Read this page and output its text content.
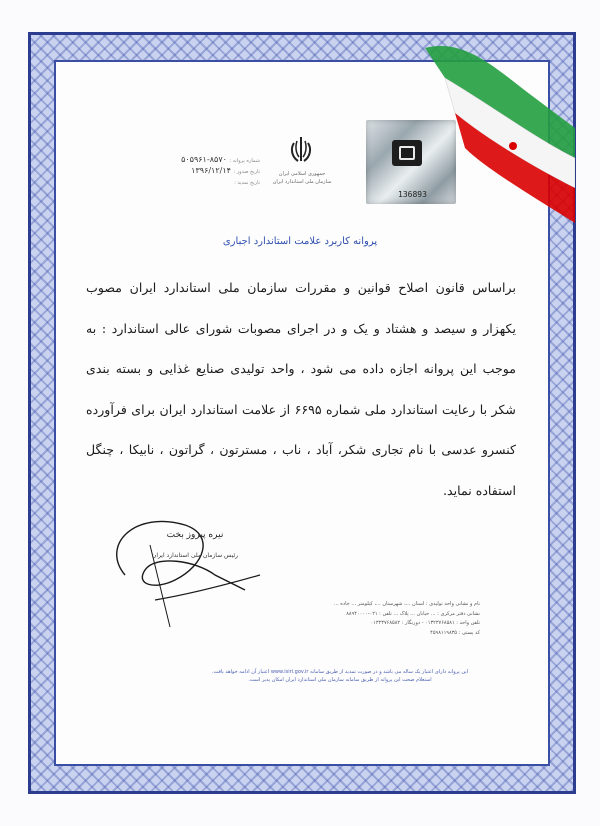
136893
جمهوری اسلامی ایران
سازمان ملی استاندارد ایران
شماره پروانه : ۸۵۷۰-۵۰۵۹۶۱
تاریخ صدور : ۱۳۹۶/۱۲/۱۴
تاریخ تمدید :
پروانه کاربرد علامت استاندارد اجباری
براساس قانون اصلاح قوانین و مقررات سازمان ملی استاندارد ایران مصوب یکهزار و سیصد و هشتاد و یک و در اجرای مصوبات شورای عالی استاندارد : به موجب این پروانه اجازه داده می شود ، واحد تولیدی صنایع غذایی و بسته بندی شکر با رعایت استاندارد ملی شماره ۶۶۹۵ از علامت استاندارد ایران برای فرآورده کنسرو عدسی با نام تجاری شکر، آباد ، ناب ، مسترتون ، گراتون ، نابیکا ، چنگل استفاده نماید.
نیره پیروز بخت
رئیس سازمان ملی استاندارد ایران
نام و نشانی واحد تولیدی : استان ...، شهرستان ...، کیلومتر ... جاده ...
نشانی دفتر مرکزی : ... خیابان ... پلاک ... تلفن : ۰۲۱-۸۸۹۴۰۰۰۰
تلفن واحد : ۰۱۳۲۳۷۶۸۵۸۱ - دورنگار : ۰۱۳۲۳۷۶۸۵۸۲
کد پستی : ۴۵۹۸۱۱۹۸۳۵
این پروانه دارای اعتبار یک ساله می باشد و در صورت تمدید از طریق سامانه www.isiri.gov.ir اعتبار آن ادامه خواهد یافت.
استعلام صحت این پروانه از طریق سامانه سازمان ملی استاندارد ایران امکان پذیر است.
